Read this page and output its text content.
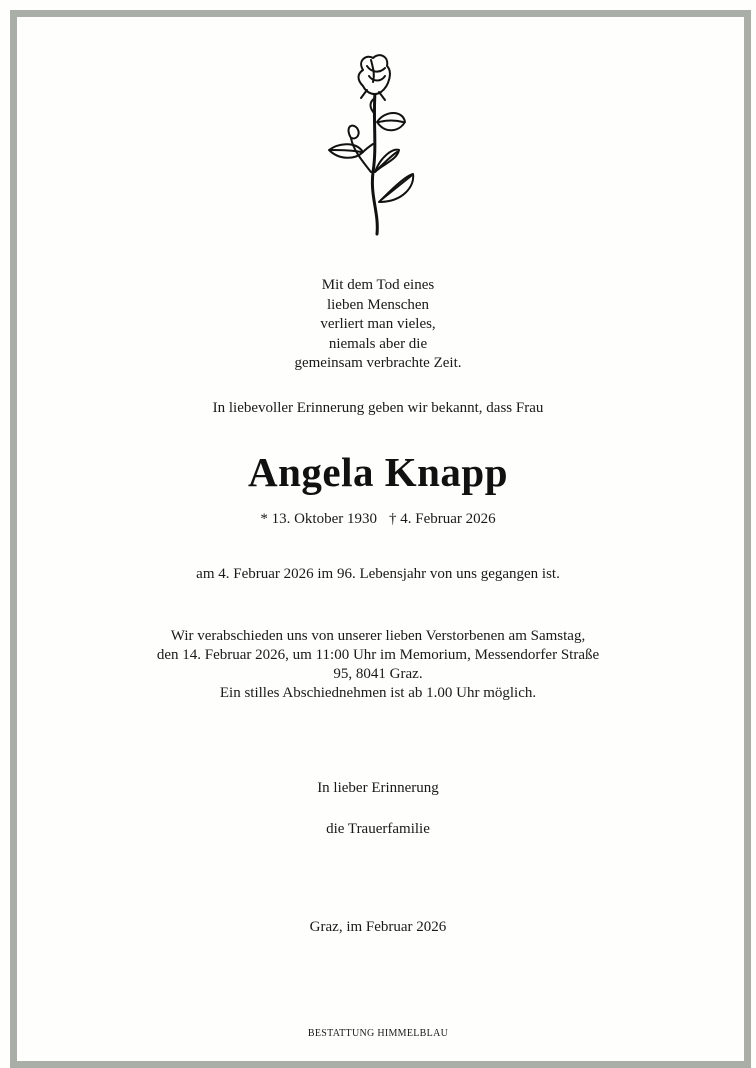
Mit dem Tod eines
lieben Menschen
verliert man vieles,
niemals aber die
gemeinsam verbrachte Zeit.
In liebevoller Erinnerung geben wir bekannt, dass Frau
Angela Knapp
* 13. Oktober 1930 † 4. Februar 2026
am 4. Februar 2026 im 96. Lebensjahr von uns gegangen ist.
Wir verabschieden uns von unserer lieben Verstorbenen am Samstag,
den 14. Februar 2026, um 11:00 Uhr im Memorium, Messendorfer Straße
95, 8041 Graz.
Ein stilles Abschiednehmen ist ab 1.00 Uhr möglich.
In lieber Erinnerung
die Trauerfamilie
Graz, im Februar 2026
BESTATTUNG HIMMELBLAU
